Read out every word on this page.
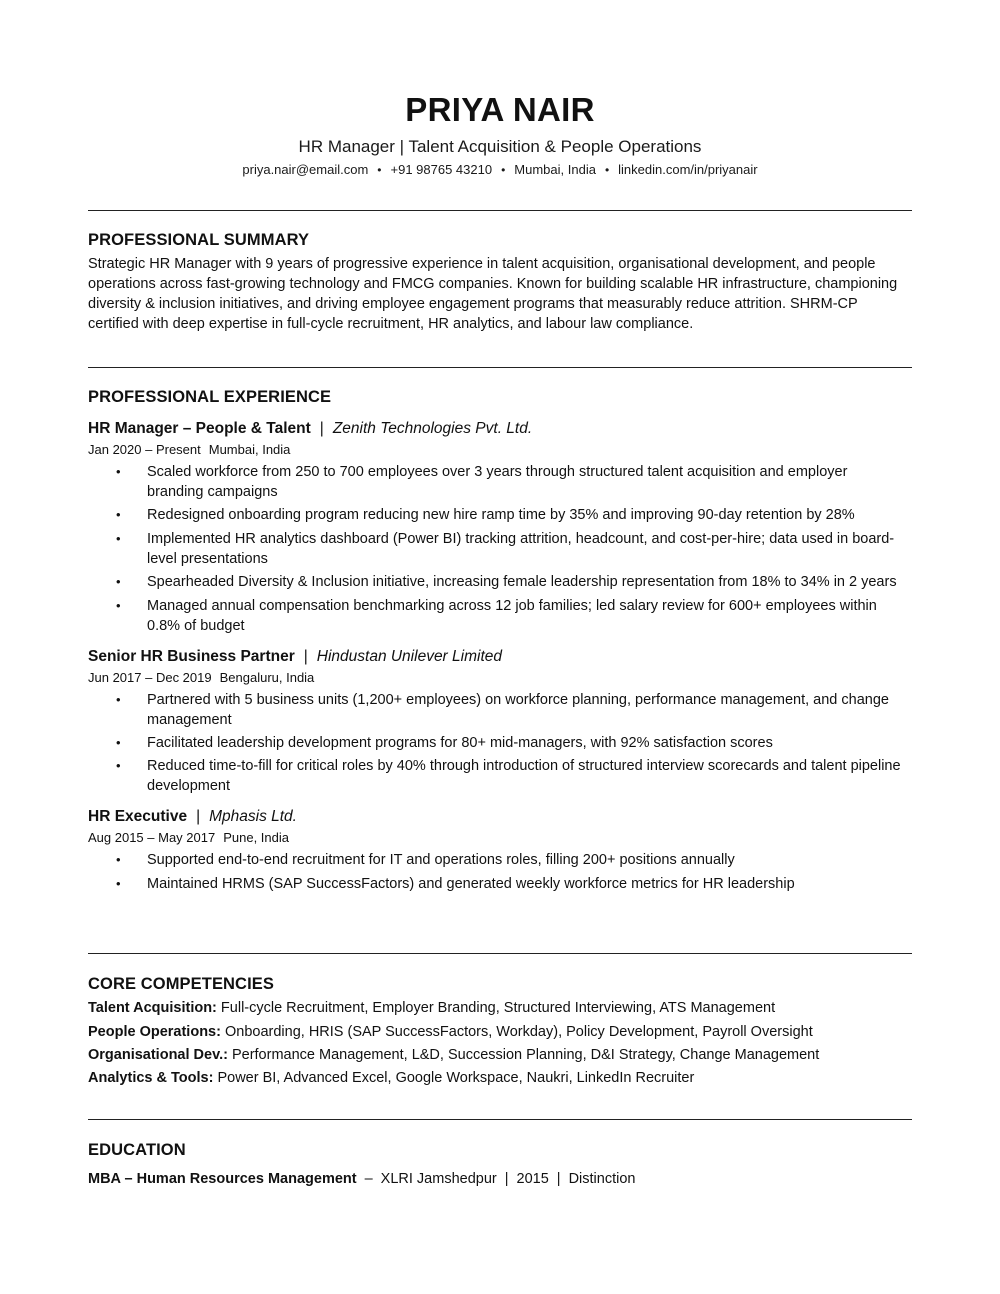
PRIYA NAIR
HR Manager | Talent Acquisition & People Operations
priya.nair@email.com • +91 98765 43210 • Mumbai, India • linkedin.com/in/priyanair
PROFESSIONAL SUMMARY

Strategic HR Manager with 9 years of progressive experience in talent acquisition, organisational development, and people operations across fast-growing technology and FMCG companies. Known for building scalable HR infrastructure, championing diversity & inclusion initiatives, and driving employee engagement programs that measurably reduce attrition. SHRM-CP certified with deep expertise in full-cycle recruitment, HR analytics, and labour law compliance.

PROFESSIONAL EXPERIENCE
HR Manager – People & Talent | Zenith Technologies Pvt. Ltd.
Jan 2020 – Present Mumbai, India
• Scaled workforce from 250 to 700 employees over 3 years through structured talent acquisition and employer branding campaigns
• Redesigned onboarding program reducing new hire ramp time by 35% and improving 90-day retention by 28%
• Implemented HR analytics dashboard (Power BI) tracking attrition, headcount, and cost-per-hire; data used in board-level presentations
• Spearheaded Diversity & Inclusion initiative, increasing female leadership representation from 18% to 34% in 2 years
• Managed annual compensation benchmarking across 12 job families; led salary review for 600+ employees within 0.8% of budget
Senior HR Business Partner | Hindustan Unilever Limited
Jun 2017 – Dec 2019 Bengaluru, India
• Partnered with 5 business units (1,200+ employees) on workforce planning, performance management, and change management
• Facilitated leadership development programs for 80+ mid-managers, with 92% satisfaction scores
• Reduced time-to-fill for critical roles by 40% through introduction of structured interview scorecards and talent pipeline development
HR Executive | Mphasis Ltd.
Aug 2015 – May 2017 Pune, India
• Supported end-to-end recruitment for IT and operations roles, filling 200+ positions annually
• Maintained HRMS (SAP SuccessFactors) and generated weekly workforce metrics for HR leadership
CORE COMPETENCIES
Talent Acquisition: Full-cycle Recruitment, Employer Branding, Structured Interviewing, ATS Management
People Operations: Onboarding, HRIS (SAP SuccessFactors, Workday), Policy Development, Payroll Oversight
Organisational Dev.: Performance Management, L&D, Succession Planning, D&I Strategy, Change Management
Analytics & Tools: Power BI, Advanced Excel, Google Workspace, Naukri, LinkedIn Recruiter
EDUCATION
MBA – Human Resources Management – XLRI Jamshedpur | 2015 | Distinction
